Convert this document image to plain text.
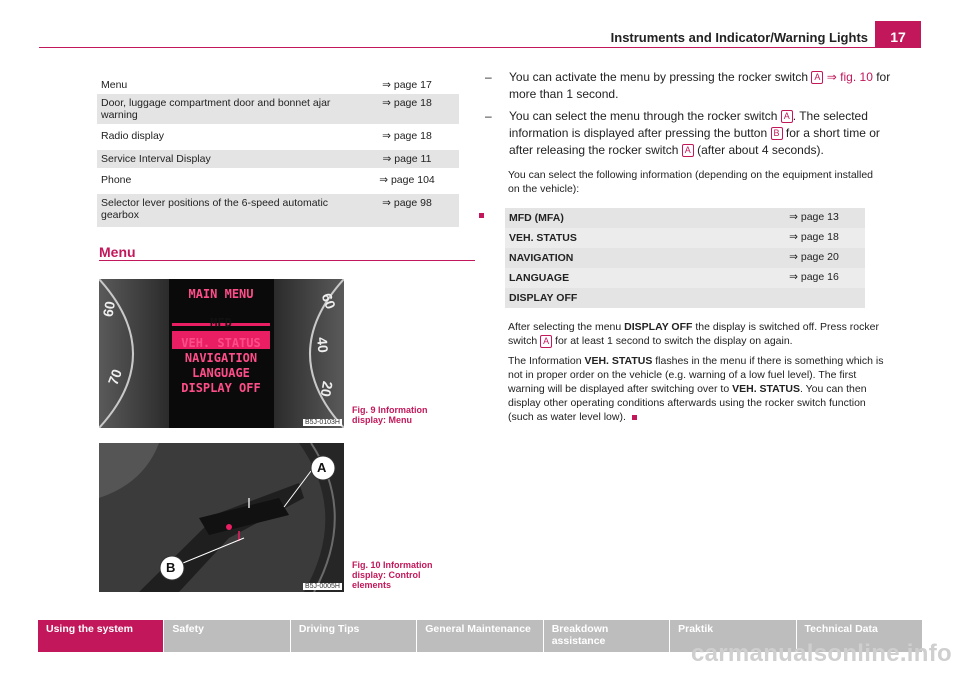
Instruments and Indicator/Warning Lights	17
Menu	⇒ page 17
Door, luggage compartment door and bonnet ajar warning	⇒ page 18
Radio display	⇒ page 18
Service Interval Display	⇒ page 11
Phone	⇒ page 104
Selector lever positions of the 6-speed automatic gearbox	⇒ page 98
Menu
60
70
60
40
20
MAIN MENU
MFD
VEH. STATUS
NAVIGATION
LANGUAGE
DISPLAY OFF
B5J-0103H
Fig. 9 Information display: Menu
A
B
B5J-0005H
Fig. 10 Information display: Control elements
– You can activate the menu by pressing the rocker switch A ⇒ fig. 10 for more than 1 second.
– You can select the menu through the rocker switch A . The selected information is displayed after pressing the button B for a short time or after releasing the rocker switch A (after about 4 seconds).
You can select the following information (depending on the equipment installed on the vehicle):
MFD (MFA)	⇒ page 13
VEH. STATUS	⇒ page 18
NAVIGATION	⇒ page 20
LANGUAGE	⇒ page 16
DISPLAY OFF	
After selecting the menu DISPLAY OFF the display is switched off. Press rocker switch A for at least 1 second to switch the display on again.
The Information VEH. STATUS flashes in the menu if there is something which is not in proper order on the vehicle (e.g. warning of a low fuel level). The first warning will be displayed after switching over to VEH. STATUS. You can then display other operating conditions afterwards using the rocker switch function (such as water level low).
Using the system	Safety	Driving Tips	General Maintenance	Breakdown assistance
Praktik	Technical Data
carmanualsonline.info
